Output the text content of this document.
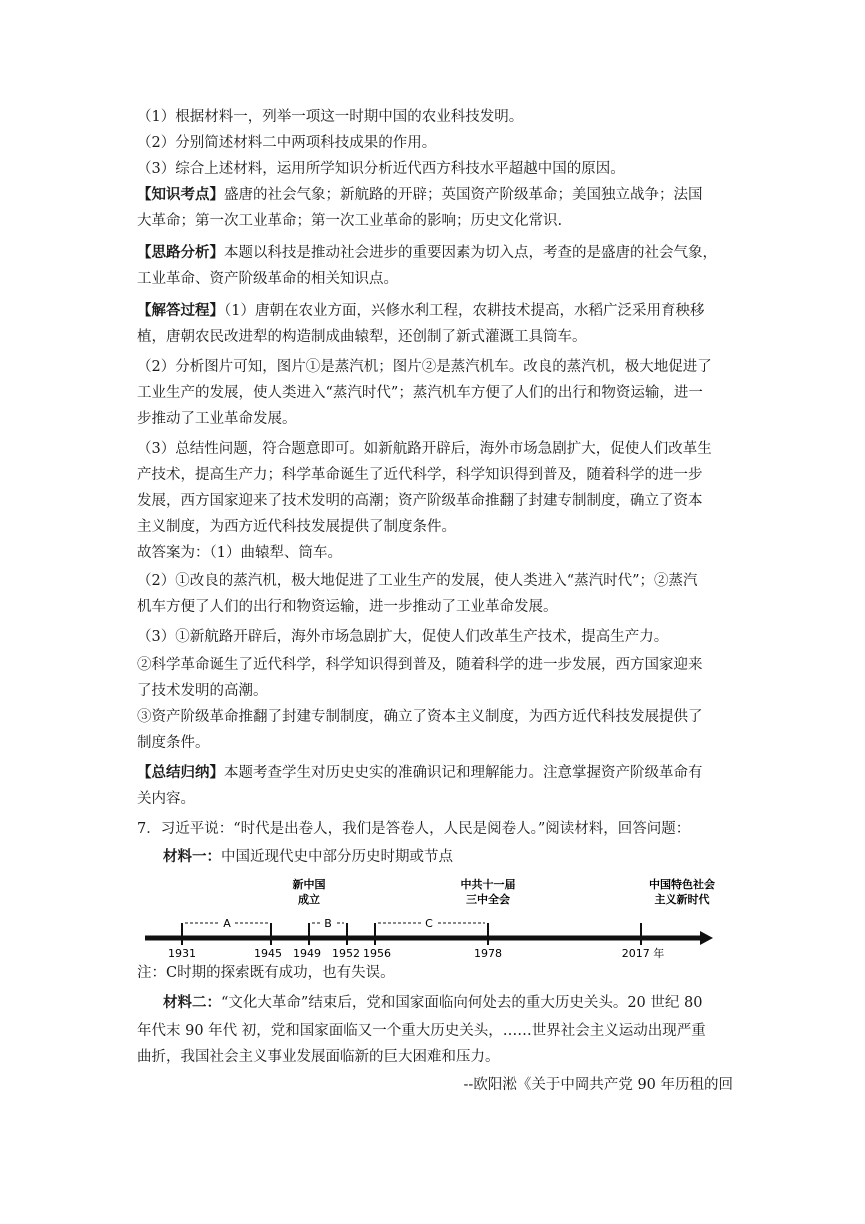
（1）根据材料一，列举一项这一时期中国的农业科技发明。
（2）分别简述材料二中两项科技成果的作用。
（3）综合上述材料，运用所学知识分析近代西方科技水平超越中国的原因。
【知识考点】盛唐的社会气象；新航路的开辟；英国资产阶级革命；美国独立战争；法国
大革命；第一次工业革命；第一次工业革命的影响；历史文化常识.
【思路分析】本题以科技是推动社会进步的重要因素为切入点，考查的是盛唐的社会气象，
工业革命、资产阶级革命的相关知识点。
【解答过程】（1）唐朝在农业方面，兴修水利工程，农耕技术提高，水稻广泛采用育秧移
植，唐朝农民改进犁的构造制成曲辕犁，还创制了新式灌溉工具筒车。
（2）分析图片可知，图片①是蒸汽机；图片②是蒸汽机车。改良的蒸汽机，极大地促进了
工业生产的发展，使人类进入“蒸汽时代”；蒸汽机车方便了人们的出行和物资运输，进一
步推动了工业革命发展。
（3）总结性问题，符合题意即可。如新航路开辟后，海外市场急剧扩大，促使人们改革生
产技术，提高生产力；科学革命诞生了近代科学，科学知识得到普及，随着科学的进一步
发展，西方国家迎来了技术发明的高潮；资产阶级革命推翻了封建专制制度，确立了资本
主义制度，为西方近代科技发展提供了制度条件。
故答案为：（1）曲辕犁、筒车。
（2）①改良的蒸汽机，极大地促进了工业生产的发展，使人类进入“蒸汽时代”；②蒸汽
机车方便了人们的出行和物资运输，进一步推动了工业革命发展。
（3）①新航路开辟后，海外市场急剧扩大，促使人们改革生产技术，提高生产力。
②科学革命诞生了近代科学，科学知识得到普及，随着科学的进一步发展，西方国家迎来
了技术发明的高潮。
③资产阶级革命推翻了封建专制制度，确立了资本主义制度，为西方近代科技发展提供了
制度条件。
【总结归纳】本题考查学生对历史史实的准确识记和理解能力。注意掌握资产阶级革命有
关内容。
7．习近平说：“时代是出卷人，我们是答卷人，人民是阅卷人。”阅读材料，回答问题：
材料一：中国近现代史中部分历史时期或节点
A	B	C
新中国
成立
中共十一届
三中全会
中国特色社会
主义新时代
1931	1945 1949 1952 1956	1978	2017 年
注：C时期的探索既有成功，也有失误。
材料二：“文化大革命”结束后，党和国家面临向何处去的重大历史关头。20 世纪 80
年代末 90 年代 初，党和国家面临又一个重大历史关头，……世界社会主义运动出现严重
曲折，我国社会主义事业发展面临新的巨大困难和压力。
--欧阳淞《关于中岡共产党 90 年历租的回
